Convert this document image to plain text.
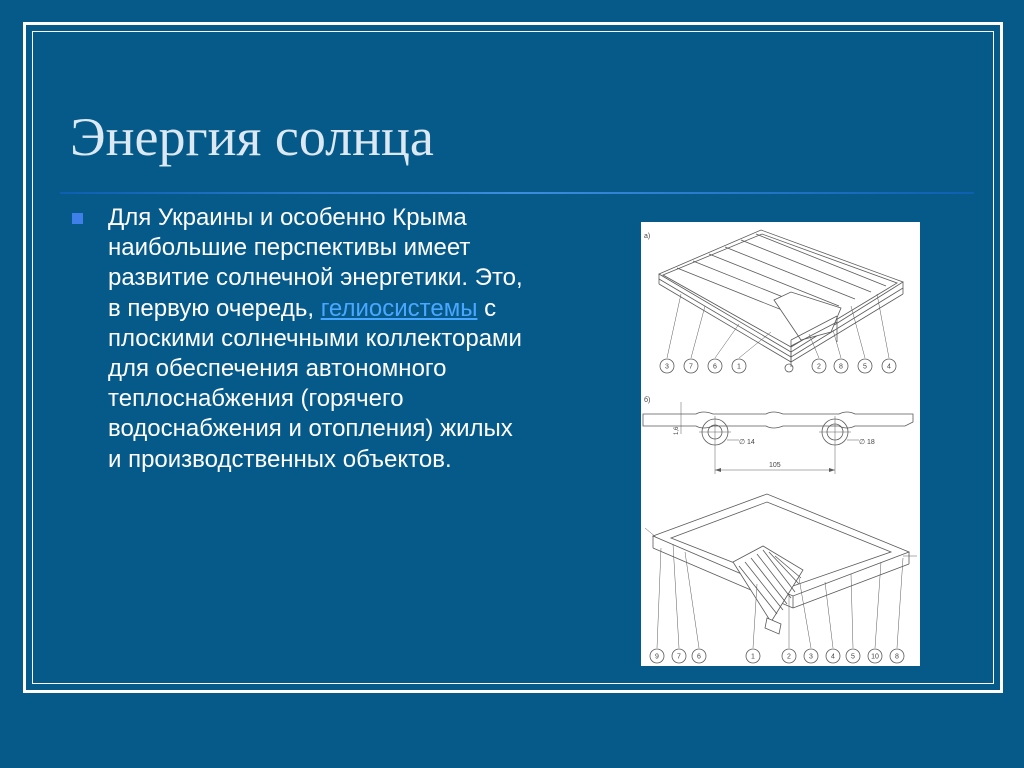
Энергия солнца

Для Украины и особенно Крыма наибольшие перспективы имеет развитие солнечной энергетики. Это, в первую очередь, гелиосистемы с плоскими солнечными коллекторами для обеспечения автономного теплоснабжения (горячего водоснабжения и отопления) жилых и производственных объектов.

а)
3	7	6	1	2	8	5	4
б)
∅ 14	∅ 18
105
1,6
9	7 6	1	2	3	4 5 10 8
